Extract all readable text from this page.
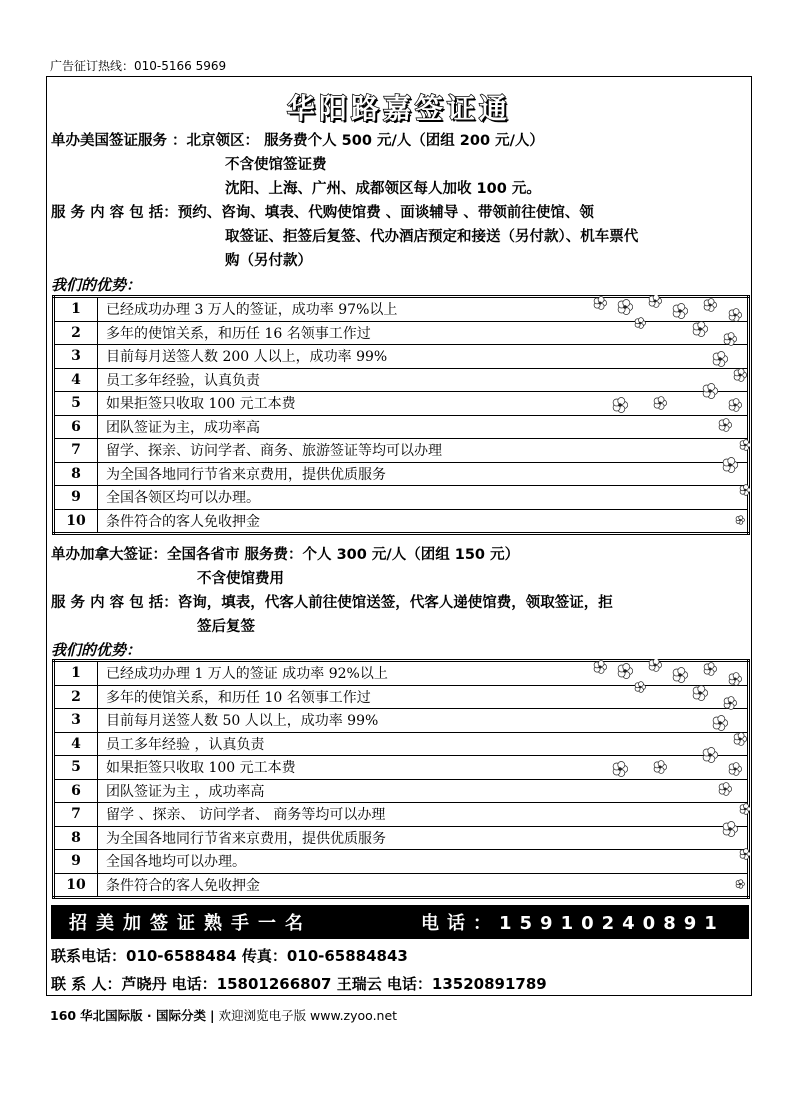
广告征订热线：010-5166 5969
华阳路嘉签证通
单办美国签证服务 ：北京领区： 服务费个人 500 元/人（团组 200 元/人）
不含使馆签证费
沈阳、上海、广州、成都领区每人加收 100 元。
服 务 内 容 包 括：预约、咨询、填表、代购使馆费 、面谈辅导 、带领前往使馆、领
取签证、拒签后复签、代办酒店预定和接送（另付款）、机车票代
购（另付款）
我们的优势：
1	已经成功办理 3 万人的签证，成功率 97%以上
2	多年的使馆关系，和历任 16 名领事工作过
3	目前每月送签人数 200 人以上，成功率 99%
4	员工多年经验，认真负责
5	如果拒签只收取 100 元工本费
6	团队签证为主，成功率高
7	留学、探亲、访问学者、商务、旅游签证等均可以办理
8	为全国各地同行节省来京费用，提供优质服务
9	全国各领区均可以办理。
10	条件符合的客人免收押金
单办加拿大签证：全国各省市 服务费：个人 300 元/人（团组 150 元）
不含使馆费用
服 务 内 容 包 括：咨询，填表，代客人前往使馆送签，代客人递使馆费，领取签证，拒
签后复签
我们的优势：
1	已经成功办理 1 万人的签证 成功率 92%以上
2	多年的使馆关系，和历任 10 名领事工作过
3	目前每月送签人数 50 人以上，成功率 99%
4	员工多年经验 ，认真负责
5	如果拒签只收取 100 元工本费
6	团队签证为主 ，成功率高
7	留学 、探亲、 访问学者、 商务等均可以办理
8	为全国各地同行节省来京费用，提供优质服务
9	全国各地均可以办理。
10	条件符合的客人免收押金
招美加签证熟手一名	电话：15910240891
联系电话：010-6588484 传真：010-65884843
联 系 人：芦晓丹 电话：15801266807 王瑞云 电话：13520891789
160 华北国际版 · 国际分类 | 欢迎浏览电子版 www.zyoo.net
